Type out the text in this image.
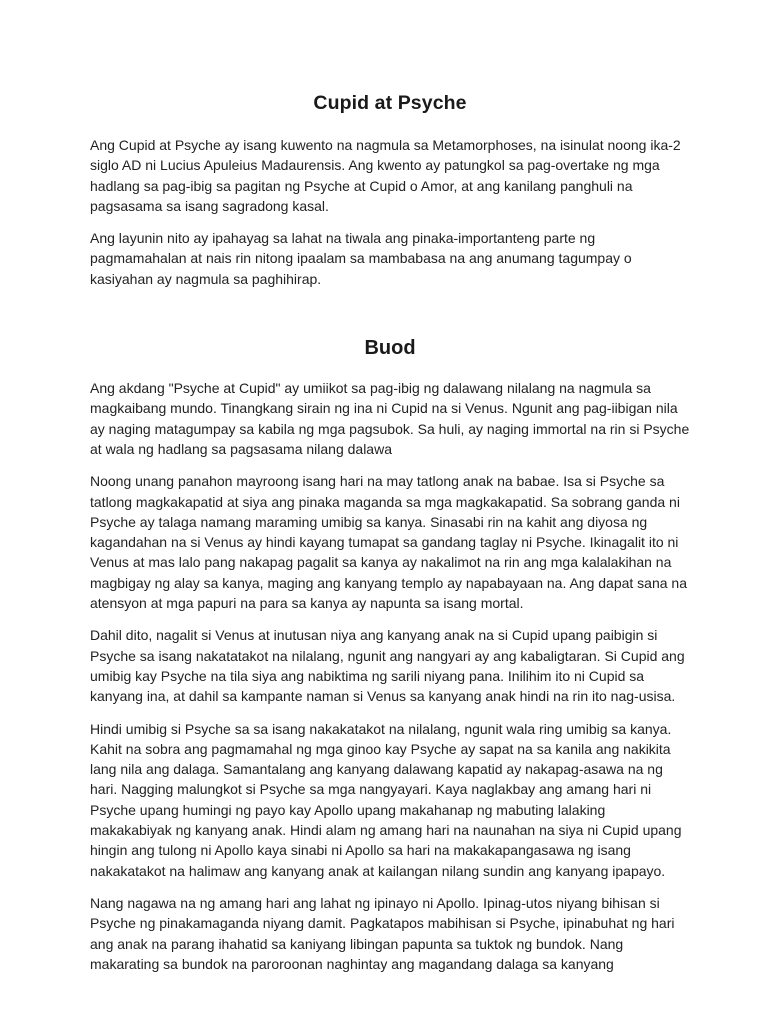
Cupid at Psyche

Ang Cupid at Psyche ay isang kuwento na nagmula sa Metamorphoses, na isinulat noong ika-2 siglo AD ni Lucius Apuleius Madaurensis. Ang kwento ay patungkol sa pag-overtake ng mga hadlang sa pag-ibig sa pagitan ng Psyche at Cupid o Amor, at ang kanilang panghuli na pagsasama sa isang sagradong kasal.

Ang layunin nito ay ipahayag sa lahat na tiwala ang pinaka-importanteng parte ng pagmamahalan at nais rin nitong ipaalam sa mambabasa na ang anumang tagumpay o kasiyahan ay nagmula sa paghihirap.

Buod

Ang akdang "Psyche at Cupid" ay umiikot sa pag-ibig ng dalawang nilalang na nagmula sa magkaibang mundo. Tinangkang sirain ng ina ni Cupid na si Venus. Ngunit ang pag-iibigan nila ay naging matagumpay sa kabila ng mga pagsubok. Sa huli, ay naging immortal na rin si Psyche at wala ng hadlang sa pagsasama nilang dalawa

Noong unang panahon mayroong isang hari na may tatlong anak na babae. Isa si Psyche sa tatlong magkakapatid at siya ang pinaka maganda sa mga magkakapatid. Sa sobrang ganda ni Psyche ay talaga namang maraming umibig sa kanya. Sinasabi rin na kahit ang diyosa ng kagandahan na si Venus ay hindi kayang tumapat sa gandang taglay ni Psyche. Ikinagalit ito ni Venus at mas lalo pang nakapag pagalit sa kanya ay nakalimot na rin ang mga kalalakihan na magbigay ng alay sa kanya, maging ang kanyang templo ay napabayaan na. Ang dapat sana na atensyon at mga papuri na para sa kanya ay napunta sa isang mortal.

Dahil dito, nagalit si Venus at inutusan niya ang kanyang anak na si Cupid upang paibigin si Psyche sa isang nakatatakot na nilalang, ngunit ang nangyari ay ang kabaligtaran. Si Cupid ang umibig kay Psyche na tila siya ang nabiktima ng sarili niyang pana. Inilihim ito ni Cupid sa kanyang ina, at dahil sa kampante naman si Venus sa kanyang anak hindi na rin ito nag-usisa.

Hindi umibig si Psyche sa sa isang nakakatakot na nilalang, ngunit wala ring umibig sa kanya. Kahit na sobra ang pagmamahal ng mga ginoo kay Psyche ay sapat na sa kanila ang nakikita lang nila ang dalaga. Samantalang ang kanyang dalawang kapatid ay nakapag-asawa na ng hari. Nagging malungkot si Psyche sa mga nangyayari. Kaya naglakbay ang amang hari ni Psyche upang humingi ng payo kay Apollo upang makahanap ng mabuting lalaking makakabiyak ng kanyang anak. Hindi alam ng amang hari na naunahan na siya ni Cupid upang hingin ang tulong ni Apollo kaya sinabi ni Apollo sa hari na makakapangasawa ng isang nakakatakot na halimaw ang kanyang anak at kailangan nilang sundin ang kanyang ipapayo.

Nang nagawa na ng amang hari ang lahat ng ipinayo ni Apollo. Ipinag-utos niyang bihisan si Psyche ng pinakamaganda niyang damit. Pagkatapos mabihisan si Psyche, ipinabuhat ng hari ang anak na parang ihahatid sa kaniyang libingan papunta sa tuktok ng bundok. Nang makarating sa bundok na paroroonan naghintay ang magandang dalaga sa kanyang
